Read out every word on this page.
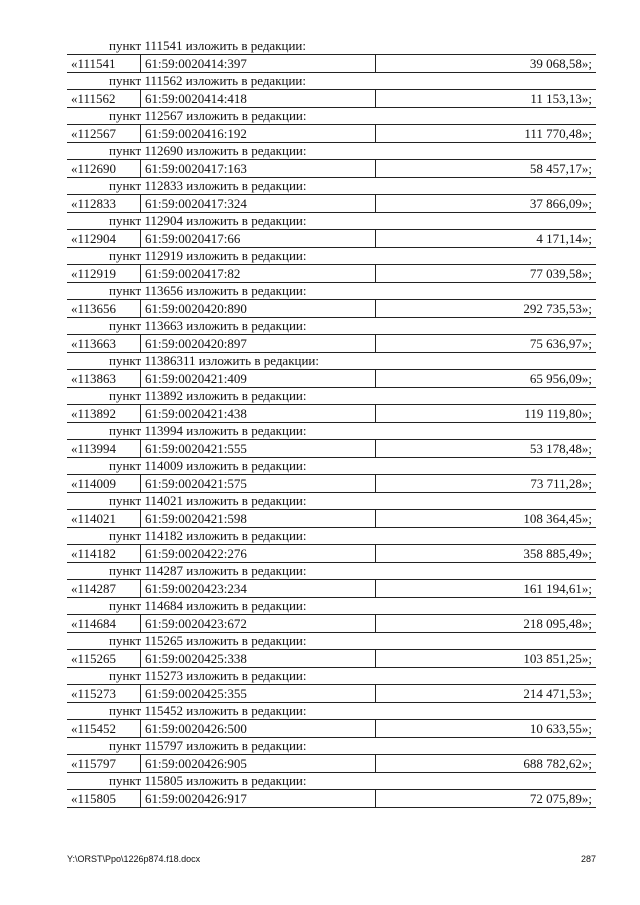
пункт 111541 изложить в редакции:
«111541	61:59:0020414:397	39 068,58»;
пункт 111562 изложить в редакции:
«111562	61:59:0020414:418	11 153,13»;
пункт 112567 изложить в редакции:
«112567	61:59:0020416:192	111 770,48»;
пункт 112690 изложить в редакции:
«112690	61:59:0020417:163	58 457,17»;
пункт 112833 изложить в редакции:
«112833	61:59:0020417:324	37 866,09»;
пункт 112904 изложить в редакции:
«112904	61:59:0020417:66	4 171,14»;
пункт 112919 изложить в редакции:
«112919	61:59:0020417:82	77 039,58»;
пункт 113656 изложить в редакции:
«113656	61:59:0020420:890	292 735,53»;
пункт 113663 изложить в редакции:
«113663	61:59:0020420:897	75 636,97»;
пункт 11386311 изложить в редакции:
«113863	61:59:0020421:409	65 956,09»;
пункт 113892 изложить в редакции:
«113892	61:59:0020421:438	119 119,80»;
пункт 113994 изложить в редакции:
«113994	61:59:0020421:555	53 178,48»;
пункт 114009 изложить в редакции:
«114009	61:59:0020421:575	73 711,28»;
пункт 114021 изложить в редакции:
«114021	61:59:0020421:598	108 364,45»;
пункт 114182 изложить в редакции:
«114182	61:59:0020422:276	358 885,49»;
пункт 114287 изложить в редакции:
«114287	61:59:0020423:234	161 194,61»;
пункт 114684 изложить в редакции:
«114684	61:59:0020423:672	218 095,48»;
пункт 115265 изложить в редакции:
«115265	61:59:0020425:338	103 851,25»;
пункт 115273 изложить в редакции:
«115273	61:59:0020425:355	214 471,53»;
пункт 115452 изложить в редакции:
«115452	61:59:0020426:500	10 633,55»;
пункт 115797 изложить в редакции:
«115797	61:59:0020426:905	688 782,62»;
пункт 115805 изложить в редакции:
«115805	61:59:0020426:917	72 075,89»;
Y:\ORST\Ppo\1226p874.f18.docx	287
